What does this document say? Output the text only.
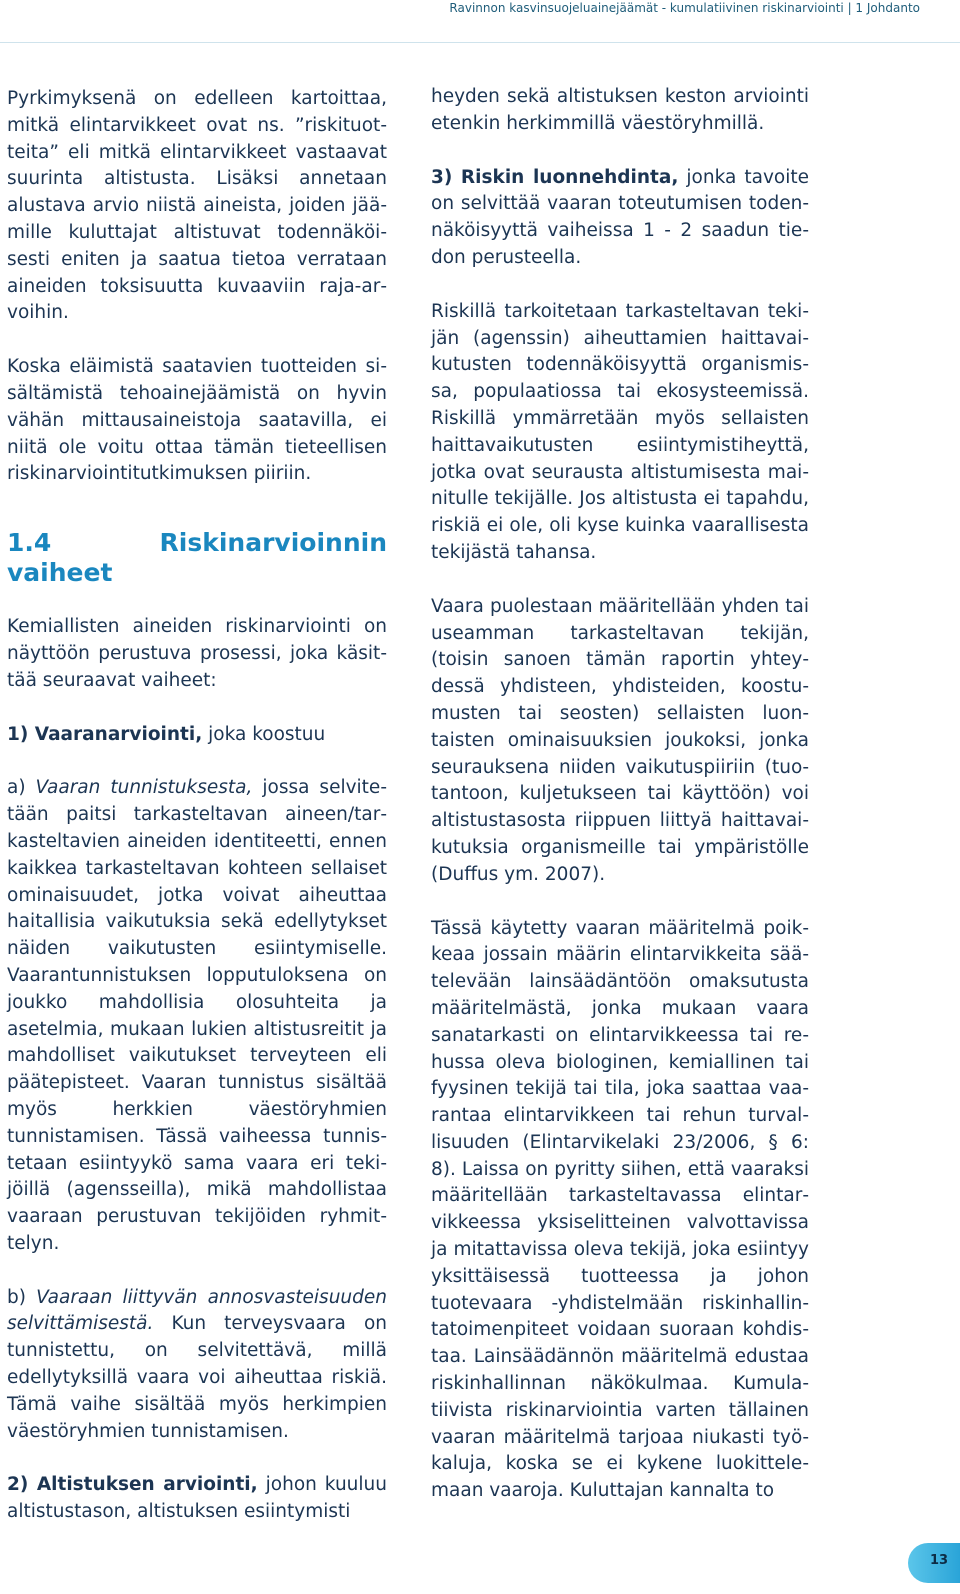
Ravinnon kasvinsuojeluainejäämät - kumulatiivinen riskinarviointi | 1 Johdanto

Pyrkimyksenä on edelleen kartoittaa, mitkä elintarvikkeet ovat ns. ”riskituotteita” eli mitkä elintarvikkeet vastaavat suurinta altistusta. Lisäksi annetaan alustava arvio niistä aineista, joiden jäämille kuluttajat altistuvat todennäköisesti eniten ja saatua tietoa verrataan aineiden toksisuutta kuvaaviin raja-arvoihin.

Koska eläimistä saatavien tuotteiden sisältämistä tehoainejäämistä on hyvin vähän mittausaineistoja saatavilla, ei niitä ole voitu ottaa tämän tieteellisen riskinarviointitutkimuksen piiriin.

1.4 Riskinarvioinnin vaiheet

Kemiallisten aineiden riskinarviointi on näyttöön perustuva prosessi, joka käsittää seuraavat vaiheet:

1) Vaaranarviointi, joka koostuu

a) Vaaran tunnistuksesta, jossa selvitetään paitsi tarkasteltavan aineen/tarkasteltavien aineiden identiteetti, ennen kaikkea tarkasteltavan kohteen sellaiset ominaisuudet, jotka voivat aiheuttaa haitallisia vaikutuksia sekä edellytykset näiden vaikutusten esiintymiselle. Vaarantunnistuksen lopputuloksena on joukko mahdollisia olosuhteita ja asetelmia, mukaan lukien altistusreitit ja mahdolliset vaikutukset terveyteen eli päätepisteet. Vaaran tunnistus sisältää myös herkkien väestöryhmien tunnistamisen. Tässä vaiheessa tunnistetaan esiintyykö sama vaara eri tekijöillä (agensseilla), mikä mahdollistaa vaaraan perustuvan tekijöiden ryhmittelyn.

b) Vaaraan liittyvän annosvasteisuuden selvittämisestä. Kun terveysvaara on tunnistettu, on selvitettävä, millä edellytyksillä vaara voi aiheuttaa riskiä. Tämä vaihe sisältää myös herkimpien väestöryhmien tunnistamisen.

2) Altistuksen arviointi, johon kuuluu altistustason, altistuksen esiintymisti

heyden sekä altistuksen keston arviointi etenkin herkimmillä väestöryhmillä.

3) Riskin luonnehdinta, jonka tavoite on selvittää vaaran toteutumisen todennäköisyyttä vaiheissa 1 - 2 saadun tiedon perusteella.

Riskillä tarkoitetaan tarkasteltavan tekijän (agenssin) aiheuttamien haittavaikutusten todennäköisyyttä organismissa, populaatiossa tai ekosysteemissä. Riskillä ymmärretään myös sellaisten haittavaikutusten esiintymistiheyttä, jotka ovat seurausta altistumisesta mainitulle tekijälle. Jos altistusta ei tapahdu, riskiä ei ole, oli kyse kuinka vaarallisesta tekijästä tahansa.

Vaara puolestaan määritellään yhden tai useamman tarkasteltavan tekijän, (toisin sanoen tämän raportin yhteydessä yhdisteen, yhdisteiden, koostumusten tai seosten) sellaisten luontaisten ominaisuuksien joukoksi, jonka seurauksena niiden vaikutuspiiriin (tuotantoon, kuljetukseen tai käyttöön) voi altistustasosta riippuen liittyä haittavaikutuksia organismeille tai ympäristölle (Duffus ym. 2007).

Tässä käytetty vaaran määritelmä poikkeaa jossain määrin elintarvikkeita säätelevään lainsäädäntöön omaksutusta määritelmästä, jonka mukaan vaara sanatarkasti on elintarvikkeessa tai rehussa oleva biologinen, kemiallinen tai fyysinen tekijä tai tila, joka saattaa vaarantaa elintarvikkeen tai rehun turvallisuuden (Elintarvikelaki 23/2006, § 6: 8). Laissa on pyritty siihen, että vaaraksi määritellään tarkasteltavassa elintarvikkeessa yksiselitteinen valvottavissa ja mitattavissa oleva tekijä, joka esiintyy yksittäisessä tuotteessa ja johon tuotevaara -yhdistelmään riskinhallintatoimenpiteet voidaan suoraan kohdistaa. Lainsäädännön määritelmä edustaa riskinhallinnan näkökulmaa. Kumulatiivista riskinarviointia varten tällainen vaaran määritelmä tarjoaa niukasti työkaluja, koska se ei kykene luokittelemaan vaaroja. Kuluttajan kannalta to

13
